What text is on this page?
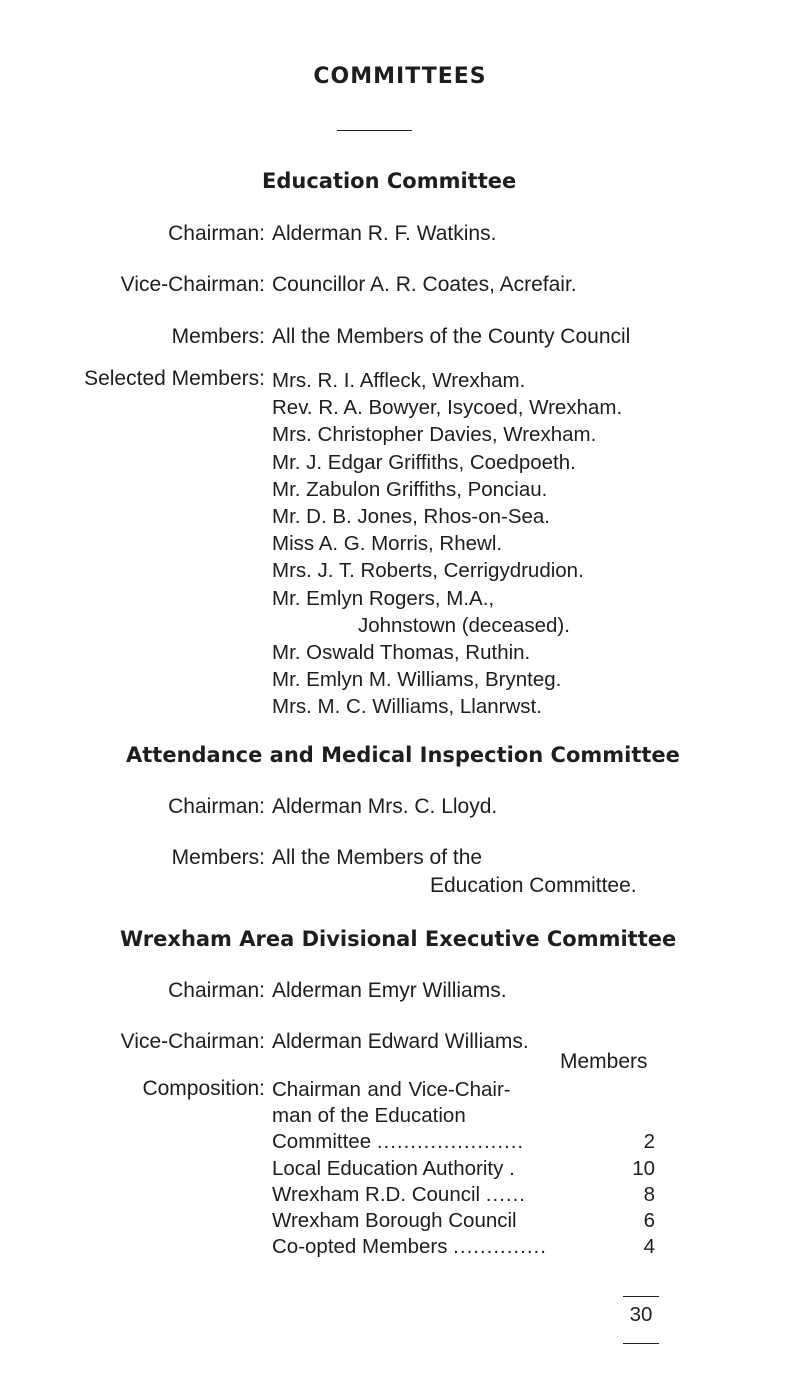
COMMITTEES
Education Committee
Chairman: Alderman R. F. Watkins.
Vice-Chairman: Councillor A. R. Coates, Acrefair.
Members: All the Members of the County Council
Selected Members: Mrs. R. I. Affleck, Wrexham.
Rev. R. A. Bowyer, Isycoed, Wrexham.
Mrs. Christopher Davies, Wrexham.
Mr. J. Edgar Griffiths, Coedpoeth.
Mr. Zabulon Griffiths, Ponciau.
Mr. D. B. Jones, Rhos-on-Sea.
Miss A. G. Morris, Rhewl.
Mrs. J. T. Roberts, Cerrigydrudion.
Mr. Emlyn Rogers, M.A.,
Johnstown (deceased).
Mr. Oswald Thomas, Ruthin.
Mr. Emlyn M. Williams, Brynteg.
Mrs. M. C. Williams, Llanrwst.
Attendance and Medical Inspection Committee
Chairman: Alderman Mrs. C. Lloyd.
Members: All the Members of the
Education Committee.
Wrexham Area Divisional Executive Committee
Chairman: Alderman Emyr Williams.
Vice-Chairman: Alderman Edward Williams.
Members
Composition: Chairman and Vice-Chair-
man of the Education
Committee ......................	2
Local Education Authority .	10
Wrexham R.D. Council ......	8
Wrexham Borough Council	6
Co-opted Members ..............	4
30
